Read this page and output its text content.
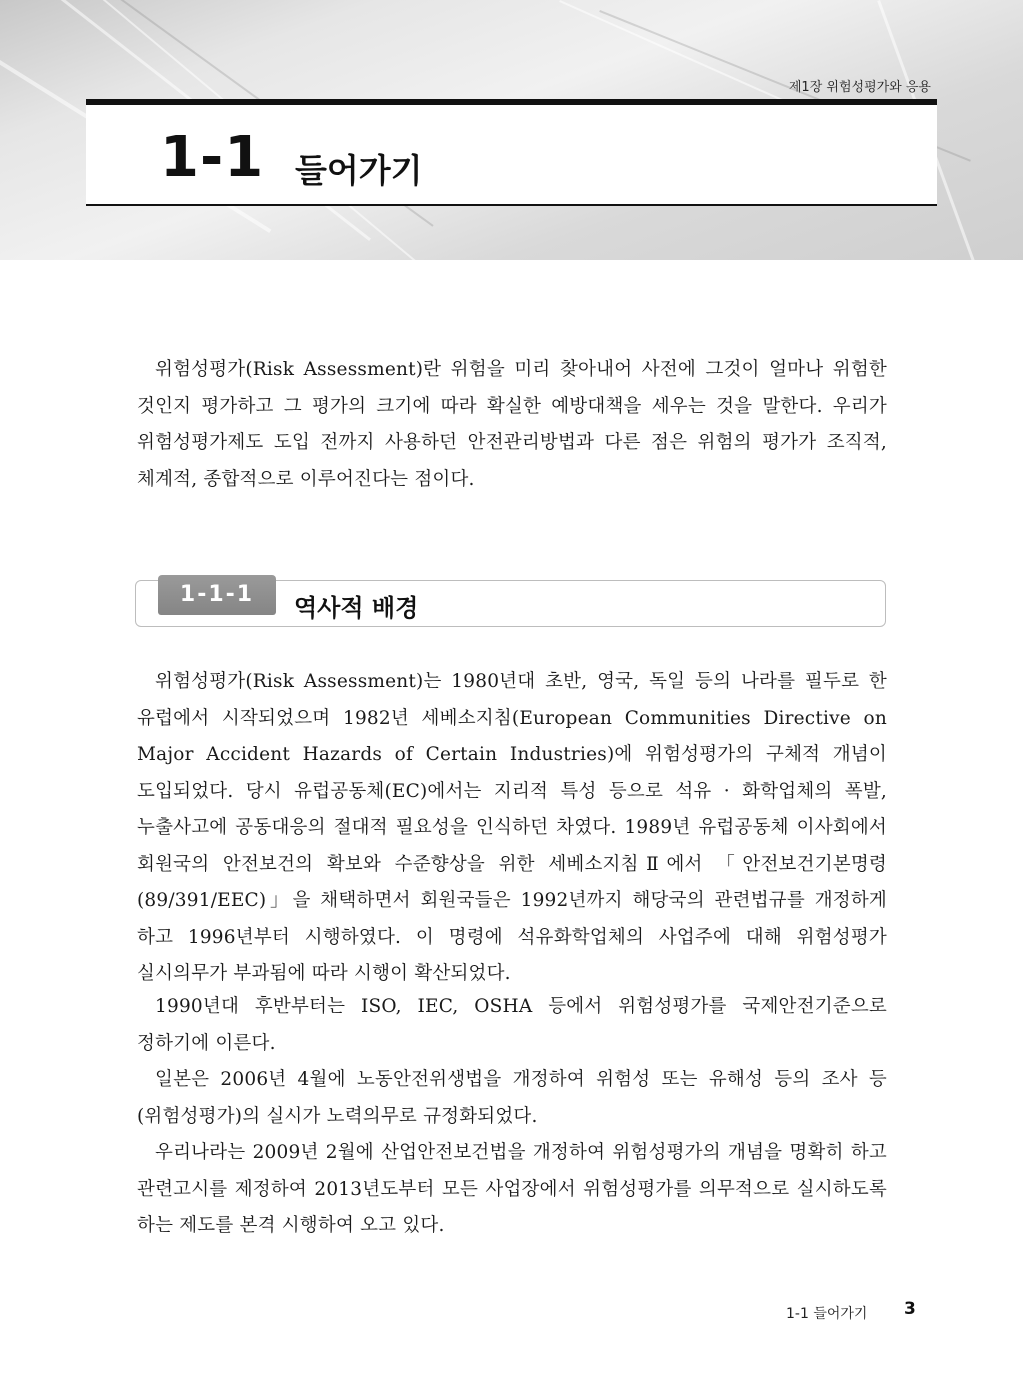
제1장 위험성평가와 응용
1-1 들어가기

위험성평가(Risk Assessment)란 위험을 미리 찾아내어 사전에 그것이 얼마나 위험한 것인지 평가하고 그 평가의 크기에 따라 확실한 예방대책을 세우는 것을 말한다. 우리가 위험성평가제도 도입 전까지 사용하던 안전관리방법과 다른 점은 위험의 평가가 조직적, 체계적, 종합적으로 이루어진다는 점이다.

1-1-1	역사적 배경

위험성평가(Risk Assessment)는 1980년대 초반, 영국, 독일 등의 나라를 필두로 한 유럽에서 시작되었으며 1982년 세베소지침(European Communities Directive on Major Accident Hazards of Certain Industries)에 위험성평가의 구체적 개념이 도입되었다. 당시 유럽공동체(EC)에서는 지리적 특성 등으로 석유 · 화학업체의 폭발, 누출사고에 공동대응의 절대적 필요성을 인식하던 차였다. 1989년 유럽공동체 이사회에서 회원국의 안전보건의 확보와 수준향상을 위한 세베소지침Ⅱ에서 「안전보건기본명령(89/391/EEC)」을 채택하면서 회원국들은 1992년까지 해당국의 관련법규를 개정하게 하고 1996년부터 시행하였다. 이 명령에 석유화학업체의 사업주에 대해 위험성평가 실시의무가 부과됨에 따라 시행이 확산되었다.

1990년대 후반부터는 ISO, IEC, OSHA 등에서 위험성평가를 국제안전기준으로 정하기에 이른다.

일본은 2006년 4월에 노동안전위생법을 개정하여 위험성 또는 유해성 등의 조사 등(위험성평가)의 실시가 노력의무로 규정화되었다.

우리나라는 2009년 2월에 산업안전보건법을 개정하여 위험성평가의 개념을 명확히 하고 관련고시를 제정하여 2013년도부터 모든 사업장에서 위험성평가를 의무적으로 실시하도록 하는 제도를 본격 시행하여 오고 있다.

1-1 들어가기 3
